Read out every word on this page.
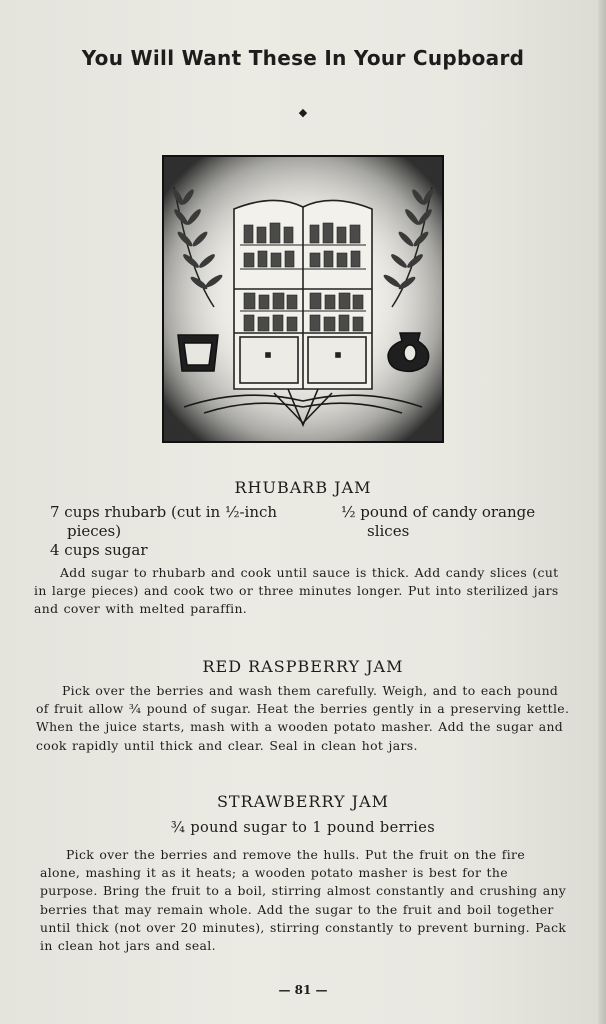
You Will Want These In Your Cupboard
◆
RHUBARB JAM
7 cups rhubarb (cut in ½-inch
pieces)
4 cups sugar
½ pound of candy orange
slices
Add sugar to rhubarb and cook until sauce is thick. Add candy slices (cut in large pieces) and cook two or three minutes longer. Put into sterilized jars and cover with melted paraffin.
RED RASPBERRY JAM
Pick over the berries and wash them carefully. Weigh, and to each pound of fruit allow ¾ pound of sugar. Heat the berries gently in a preserving kettle. When the juice starts, mash with a wooden potato masher. Add the sugar and cook rapidly until thick and clear. Seal in clean hot jars.
STRAWBERRY JAM
¾ pound sugar to 1 pound berries
Pick over the berries and remove the hulls. Put the fruit on the fire alone, mashing it as it heats; a wooden potato masher is best for the purpose. Bring the fruit to a boil, stirring almost constantly and crushing any berries that may remain whole. Add the sugar to the fruit and boil together until thick (not over 20 minutes), stirring constantly to prevent burning. Pack in clean hot jars and seal.
— 81 —
